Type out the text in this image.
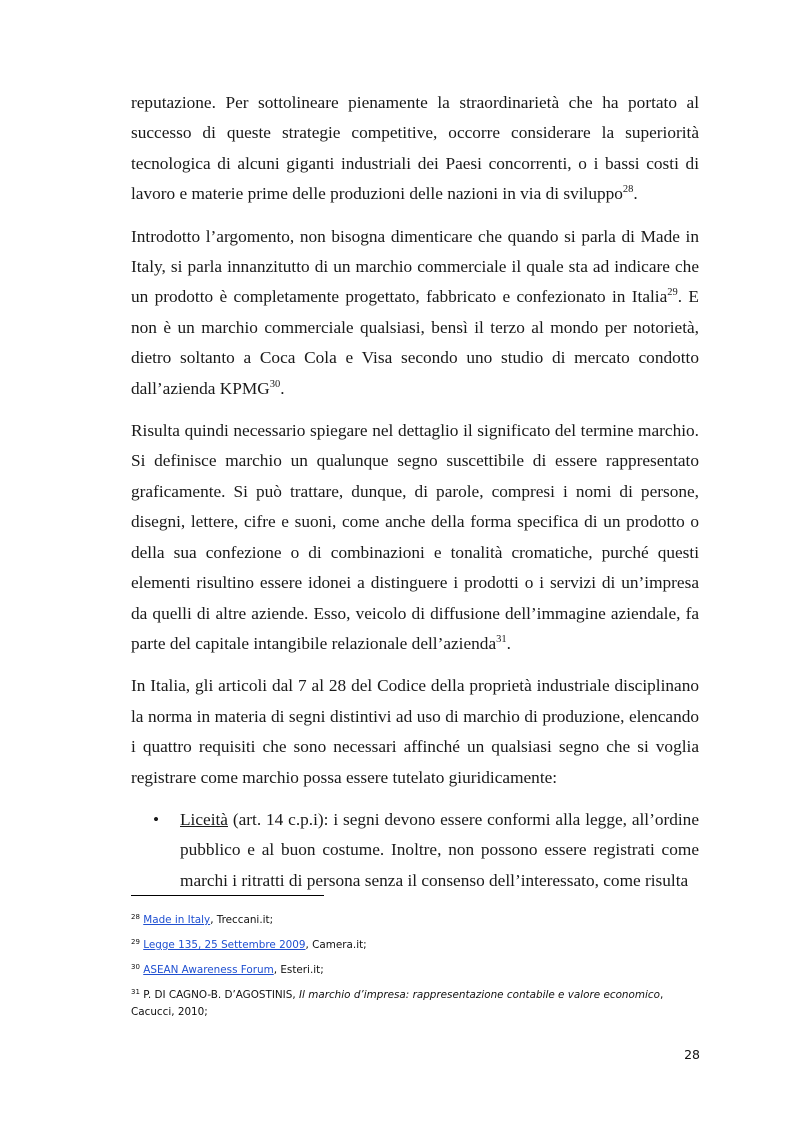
reputazione. Per sottolineare pienamente la straordinarietà che ha portato al successo di queste strategie competitive, occorre considerare la superiorità tecnologica di alcuni giganti industriali dei Paesi concorrenti, o i bassi costi di lavoro e materie prime delle produzioni delle nazioni in via di sviluppo$^{28}$.

Introdotto l’argomento, non bisogna dimenticare che quando si parla di Made in Italy, si parla innanzitutto di un marchio commerciale il quale sta ad indicare che un prodotto è completamente progettato, fabbricato e confezionato in Italia$^{29}$. E non è un marchio commerciale qualsiasi, bensì il terzo al mondo per notorietà, dietro soltanto a Coca Cola e Visa secondo uno studio di mercato condotto dall’azienda KPMG$^{30}$.

Risulta quindi necessario spiegare nel dettaglio il significato del termine marchio. Si definisce marchio un qualunque segno suscettibile di essere rappresentato graficamente. Si può trattare, dunque, di parole, compresi i nomi di persone, disegni, lettere, cifre e suoni, come anche della forma specifica di un prodotto o della sua confezione o di combinazioni e tonalità cromatiche, purché questi elementi risultino essere idonei a distinguere i prodotti o i servizi di un’impresa da quelli di altre aziende. Esso, veicolo di diffusione dell’immagine aziendale, fa parte del capitale intangibile relazionale dell’azienda$^{31}$.

In Italia, gli articoli dal 7 al 28 del Codice della proprietà industriale disciplinano la norma in materia di segni distintivi ad uso di marchio di produzione, elencando i quattro requisiti che sono necessari affinché un qualsiasi segno che si voglia registrare come marchio possa essere tutelato giuridicamente:

• Liceità (art. 14 c.p.i): i segni devono essere conformi alla legge, all’ordine pubblico e al buon costume. Inoltre, non possono essere registrati come marchi i ritratti di persona senza il consenso dell’interessato, come risulta
$^{28}$ Made in Italy, Treccani.it;
$^{29}$ Legge 135, 25 Settembre 2009, Camera.it;
$^{30}$ ASEAN Awareness Forum, Esteri.it;
$^{31}$ P. DI CAGNO-B. D’AGOSTINIS, Il marchio d’impresa: rappresentazione contabile e valore economico, Cacucci, 2010;
28
